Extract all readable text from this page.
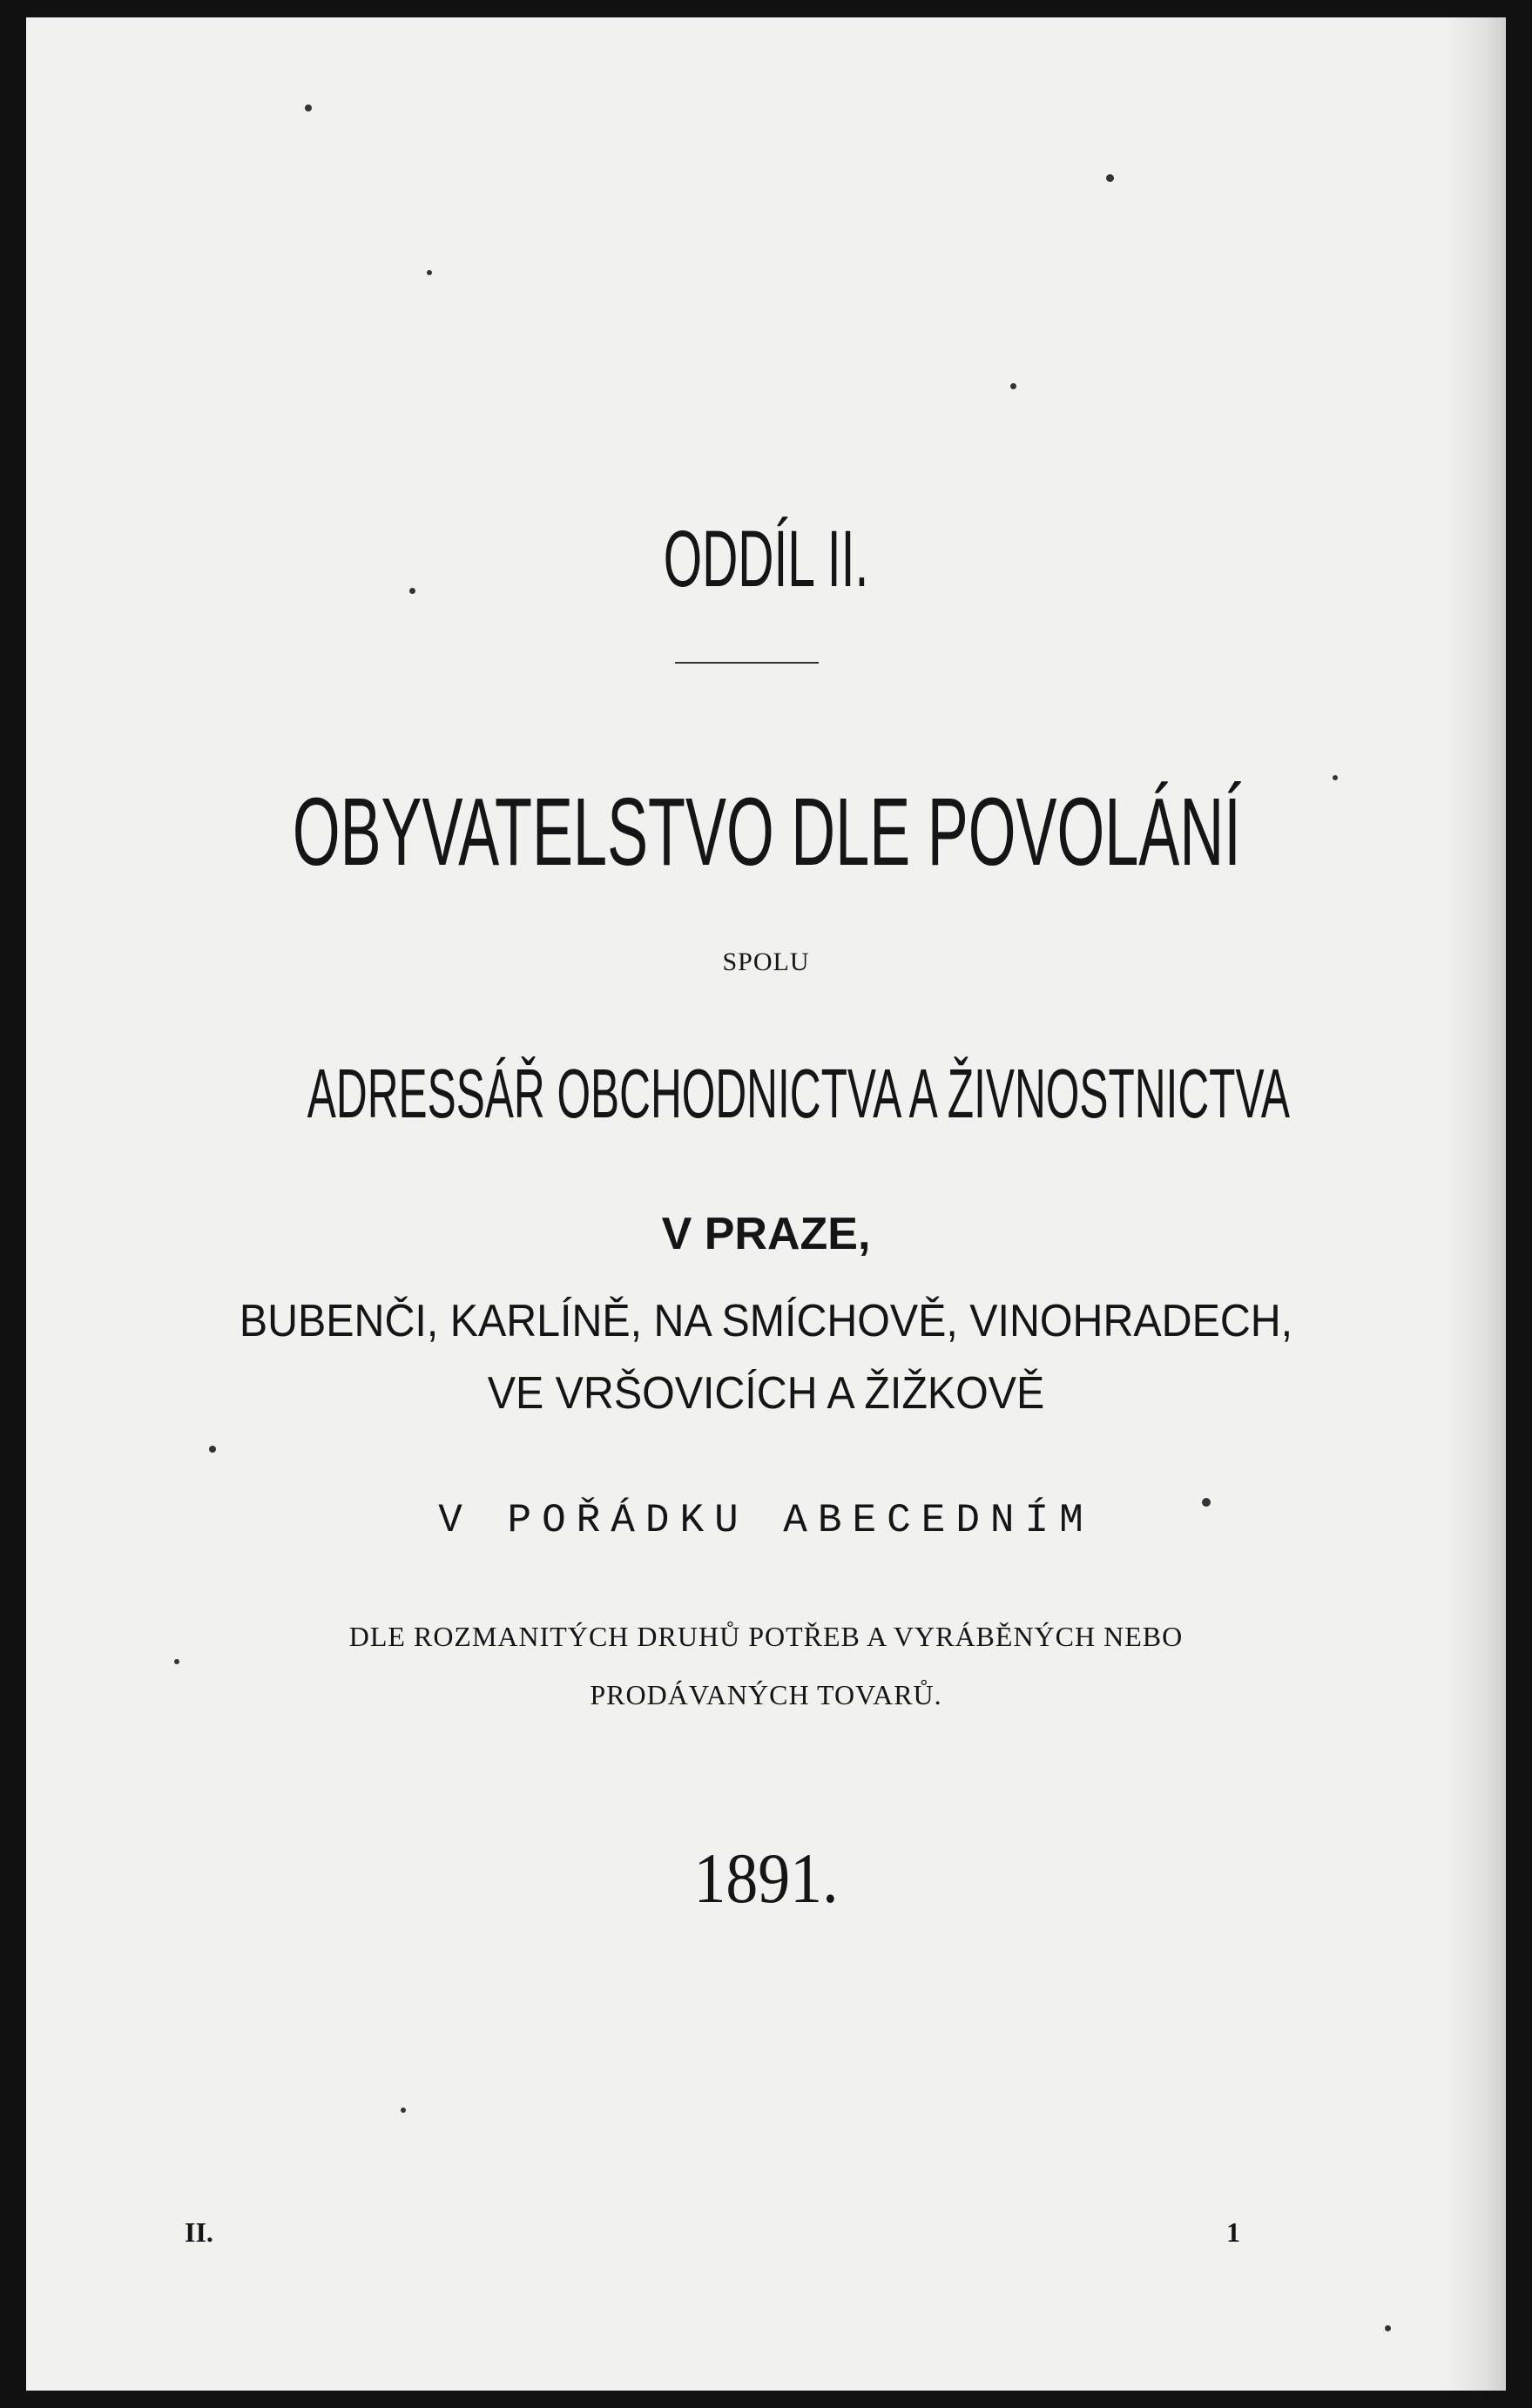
ODDÍL II.

OBYVATELSTVO DLE POVOLÁNÍ

SPOLU

ADRESSÁŘ OBCHODNICTVA A ŽIVNOSTNICTVA

V PRAZE,

BUBENČI, KARLÍNĚ, NA SMÍCHOVĚ, VINOHRADECH,

VE VRŠOVICÍCH A ŽIŽKOVĚ

V POŘÁDKU ABECEDNÍM

DLE ROZMANITÝCH DRUHŮ POTŘEB A VYRÁBĚNÝCH NEBO

PRODÁVANÝCH TOVARŮ.

1891.

II.	1
